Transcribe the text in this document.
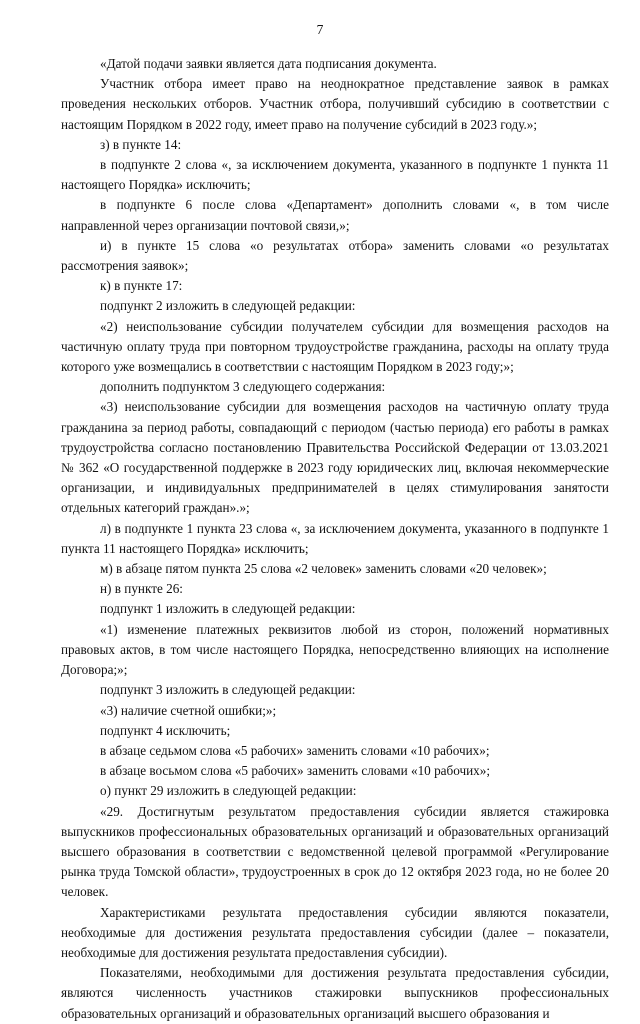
7

«Датой подачи заявки является дата подписания документа.

Участник отбора имеет право на неоднократное представление заявок в рамках проведения нескольких отборов. Участник отбора, получивший субсидию в соответствии с настоящим Порядком в 2022 году, имеет право на получение субсидий в 2023 году.»;

з) в пункте 14:

в подпункте 2 слова «, за исключением документа, указанного в подпункте 1 пункта 11 настоящего Порядка» исключить;

в подпункте 6 после слова «Департамент» дополнить словами «, в том числе направленной через организации почтовой связи,»;

и) в пункте 15 слова «о результатах отбора» заменить словами «о результатах рассмотрения заявок»;

к) в пункте 17:

подпункт 2 изложить в следующей редакции:

«2) неиспользование субсидии получателем субсидии для возмещения расходов на частичную оплату труда при повторном трудоустройстве гражданина, расходы на оплату труда которого уже возмещались в соответствии с настоящим Порядком в 2023 году;»;

дополнить подпунктом 3 следующего содержания:

«3) неиспользование субсидии для возмещения расходов на частичную оплату труда гражданина за период работы, совпадающий с периодом (частью периода) его работы в рамках трудоустройства согласно постановлению Правительства Российской Федерации от 13.03.2021 № 362 «О государственной поддержке в 2023 году юридических лиц, включая некоммерческие организации, и индивидуальных предпринимателей в целях стимулирования занятости отдельных категорий граждан».»;

л) в подпункте 1 пункта 23 слова «, за исключением документа, указанного в подпункте 1 пункта 11 настоящего Порядка» исключить;

м) в абзаце пятом пункта 25 слова «2 человек» заменить словами «20 человек»;

н) в пункте 26:

подпункт 1 изложить в следующей редакции:

«1) изменение платежных реквизитов любой из сторон, положений нормативных правовых актов, в том числе настоящего Порядка, непосредственно влияющих на исполнение Договора;»;

подпункт 3 изложить в следующей редакции:

«3) наличие счетной ошибки;»;

подпункт 4 исключить;

в абзаце седьмом слова «5 рабочих» заменить словами «10 рабочих»;

в абзаце восьмом слова «5 рабочих» заменить словами «10 рабочих»;

о) пункт 29 изложить в следующей редакции:

«29. Достигнутым результатом предоставления субсидии является стажировка выпускников профессиональных образовательных организаций и образовательных организаций высшего образования в соответствии с ведомственной целевой программой «Регулирование рынка труда Томской области», трудоустроенных в срок до 12 октября 2023 года, но не более 20 человек.

Характеристиками результата предоставления субсидии являются показатели, необходимые для достижения результата предоставления субсидии (далее – показатели, необходимые для достижения результата предоставления субсидии).

Показателями, необходимыми для достижения результата предоставления субсидии, являются численность участников стажировки выпускников профессиональных образовательных организаций и образовательных организаций высшего образования и
